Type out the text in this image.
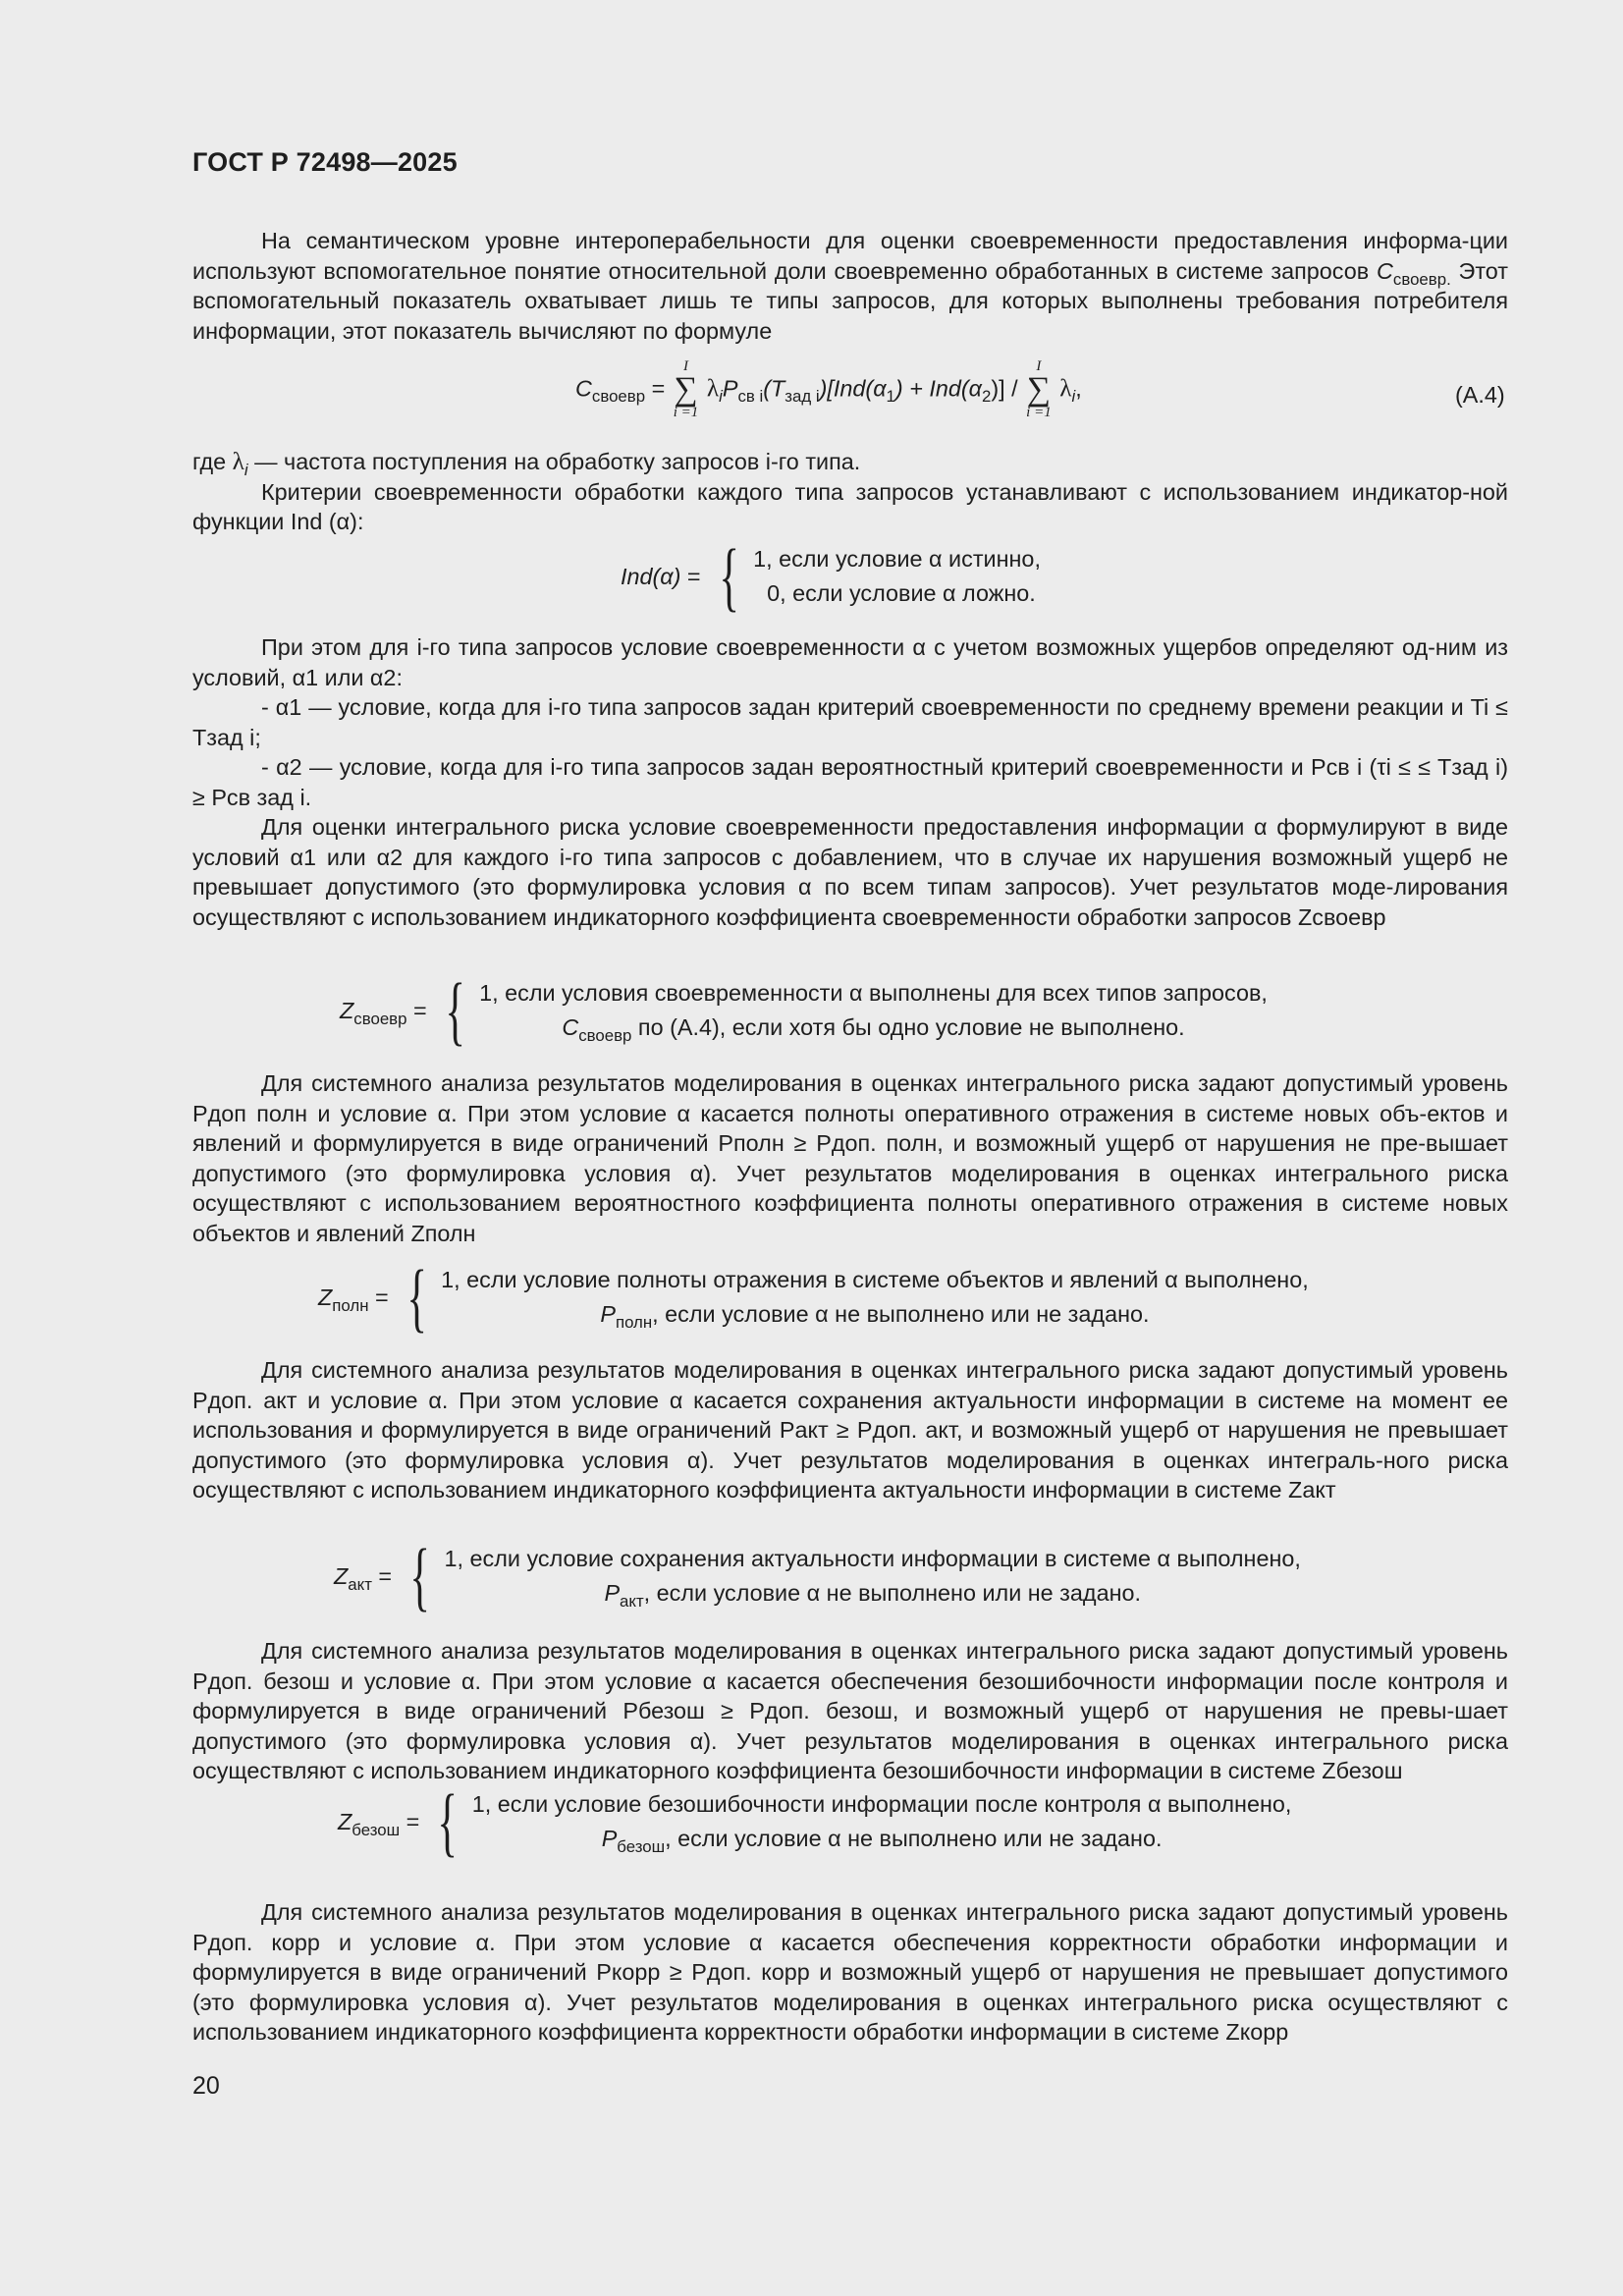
ГОСТ Р 72498—2025

На семантическом уровне интероперабельности для оценки своевременности предоставления информа-ции используют вспомогательное понятие относительной доли своевременно обработанных в системе запросов $C_{своевр.}$ Этот вспомогательный показатель охватывает лишь те типы запросов, для которых выполнены требования потребителя информации, этот показатель вычисляют по формуле

$C_{своевр}$ =
I
∑
i =1
$\lambda_iP_{св i}(T_{зад i})[Ind(\alpha_1) + Ind(\alpha_2)]$ /
I
∑
i =1
$\lambda_i$,	(А.4)

где $\lambda_i$ — частота поступления на обработку запросов i-го типа.

Критерии своевременности обработки каждого типа запросов устанавливают с использованием индикатор-ной функции Ind (α):

Ind(α) = { 1, если условие α истинно,
0, если условие α ложно.

При этом для i-го типа запросов условие своевременности α с учетом возможных ущербов определяют од-ним из условий, α1 или α2:

- α1 — условие, когда для i-го типа запросов задан критерий своевременности по среднему времени реакции и Ti ≤ Tзад i;

- α2 — условие, когда для i-го типа запросов задан вероятностный критерий своевременности и Pсв i (τi ≤ ≤ Tзад i) ≥ Pсв зад i.

Для оценки интегрального риска условие своевременности предоставления информации α формулируют в виде условий α1 или α2 для каждого i-го типа запросов с добавлением, что в случае их нарушения возможный ущерб не превышает допустимого (это формулировка условия α по всем типам запросов). Учет результатов моде-лирования осуществляют с использованием индикаторного коэффициента своевременности обработки запросов Zсвоевр

$Z_{своевр}$ = { 1, если условия своевременности α выполнены для всех типов запросов,
$C_{своевр}$ по (А.4), если хотя бы одно условие не выполнено.

Для системного анализа результатов моделирования в оценках интегрального риска задают допустимый уровень Pдоп полн и условие α. При этом условие α касается полноты оперативного отражения в системе новых объ-ектов и явлений и формулируется в виде ограничений Pполн ≥ Pдоп. полн, и возможный ущерб от нарушения не пре-вышает допустимого (это формулировка условия α). Учет результатов моделирования в оценках интегрального риска осуществляют с использованием вероятностного коэффициента полноты оперативного отражения в системе новых объектов и явлений Zполн

$Z_{полн}$ = { 1, если условие полноты отражения в системе объектов и явлений α выполнено,
$P_{полн}$, если условие α не выполнено или не задано.

Для системного анализа результатов моделирования в оценках интегрального риска задают допустимый уровень Pдоп. акт и условие α. При этом условие α касается сохранения актуальности информации в системе на момент ее использования и формулируется в виде ограничений Pакт ≥ Pдоп. акт, и возможный ущерб от нарушения не превышает допустимого (это формулировка условия α). Учет результатов моделирования в оценках интеграль-ного риска осуществляют с использованием индикаторного коэффициента актуальности информации в системе Zакт

$Z_{акт}$ = { 1, если условие сохранения актуальности информации в системе α выполнено,
$P_{акт}$, если условие α не выполнено или не задано.

Для системного анализа результатов моделирования в оценках интегрального риска задают допустимый уровень Pдоп. безош и условие α. При этом условие α касается обеспечения безошибочности информации после контроля и формулируется в виде ограничений Pбезош ≥ Pдоп. безош, и возможный ущерб от нарушения не превы-шает допустимого (это формулировка условия α). Учет результатов моделирования в оценках интегрального риска осуществляют с использованием индикаторного коэффициента безошибочности информации в системе Zбезош

$Z_{безош}$ = { 1, если условие безошибочности информации после контроля α выполнено,
$P_{безош}$, если условие α не выполнено или не задано.

Для системного анализа результатов моделирования в оценках интегрального риска задают допустимый уровень Pдоп. корр и условие α. При этом условие α касается обеспечения корректности обработки информации и формулируется в виде ограничений Pкорр ≥ Pдоп. корр и возможный ущерб от нарушения не превышает допустимого (это формулировка условия α). Учет результатов моделирования в оценках интегрального риска осуществляют с использованием индикаторного коэффициента корректности обработки информации в системе Zкорр

20
